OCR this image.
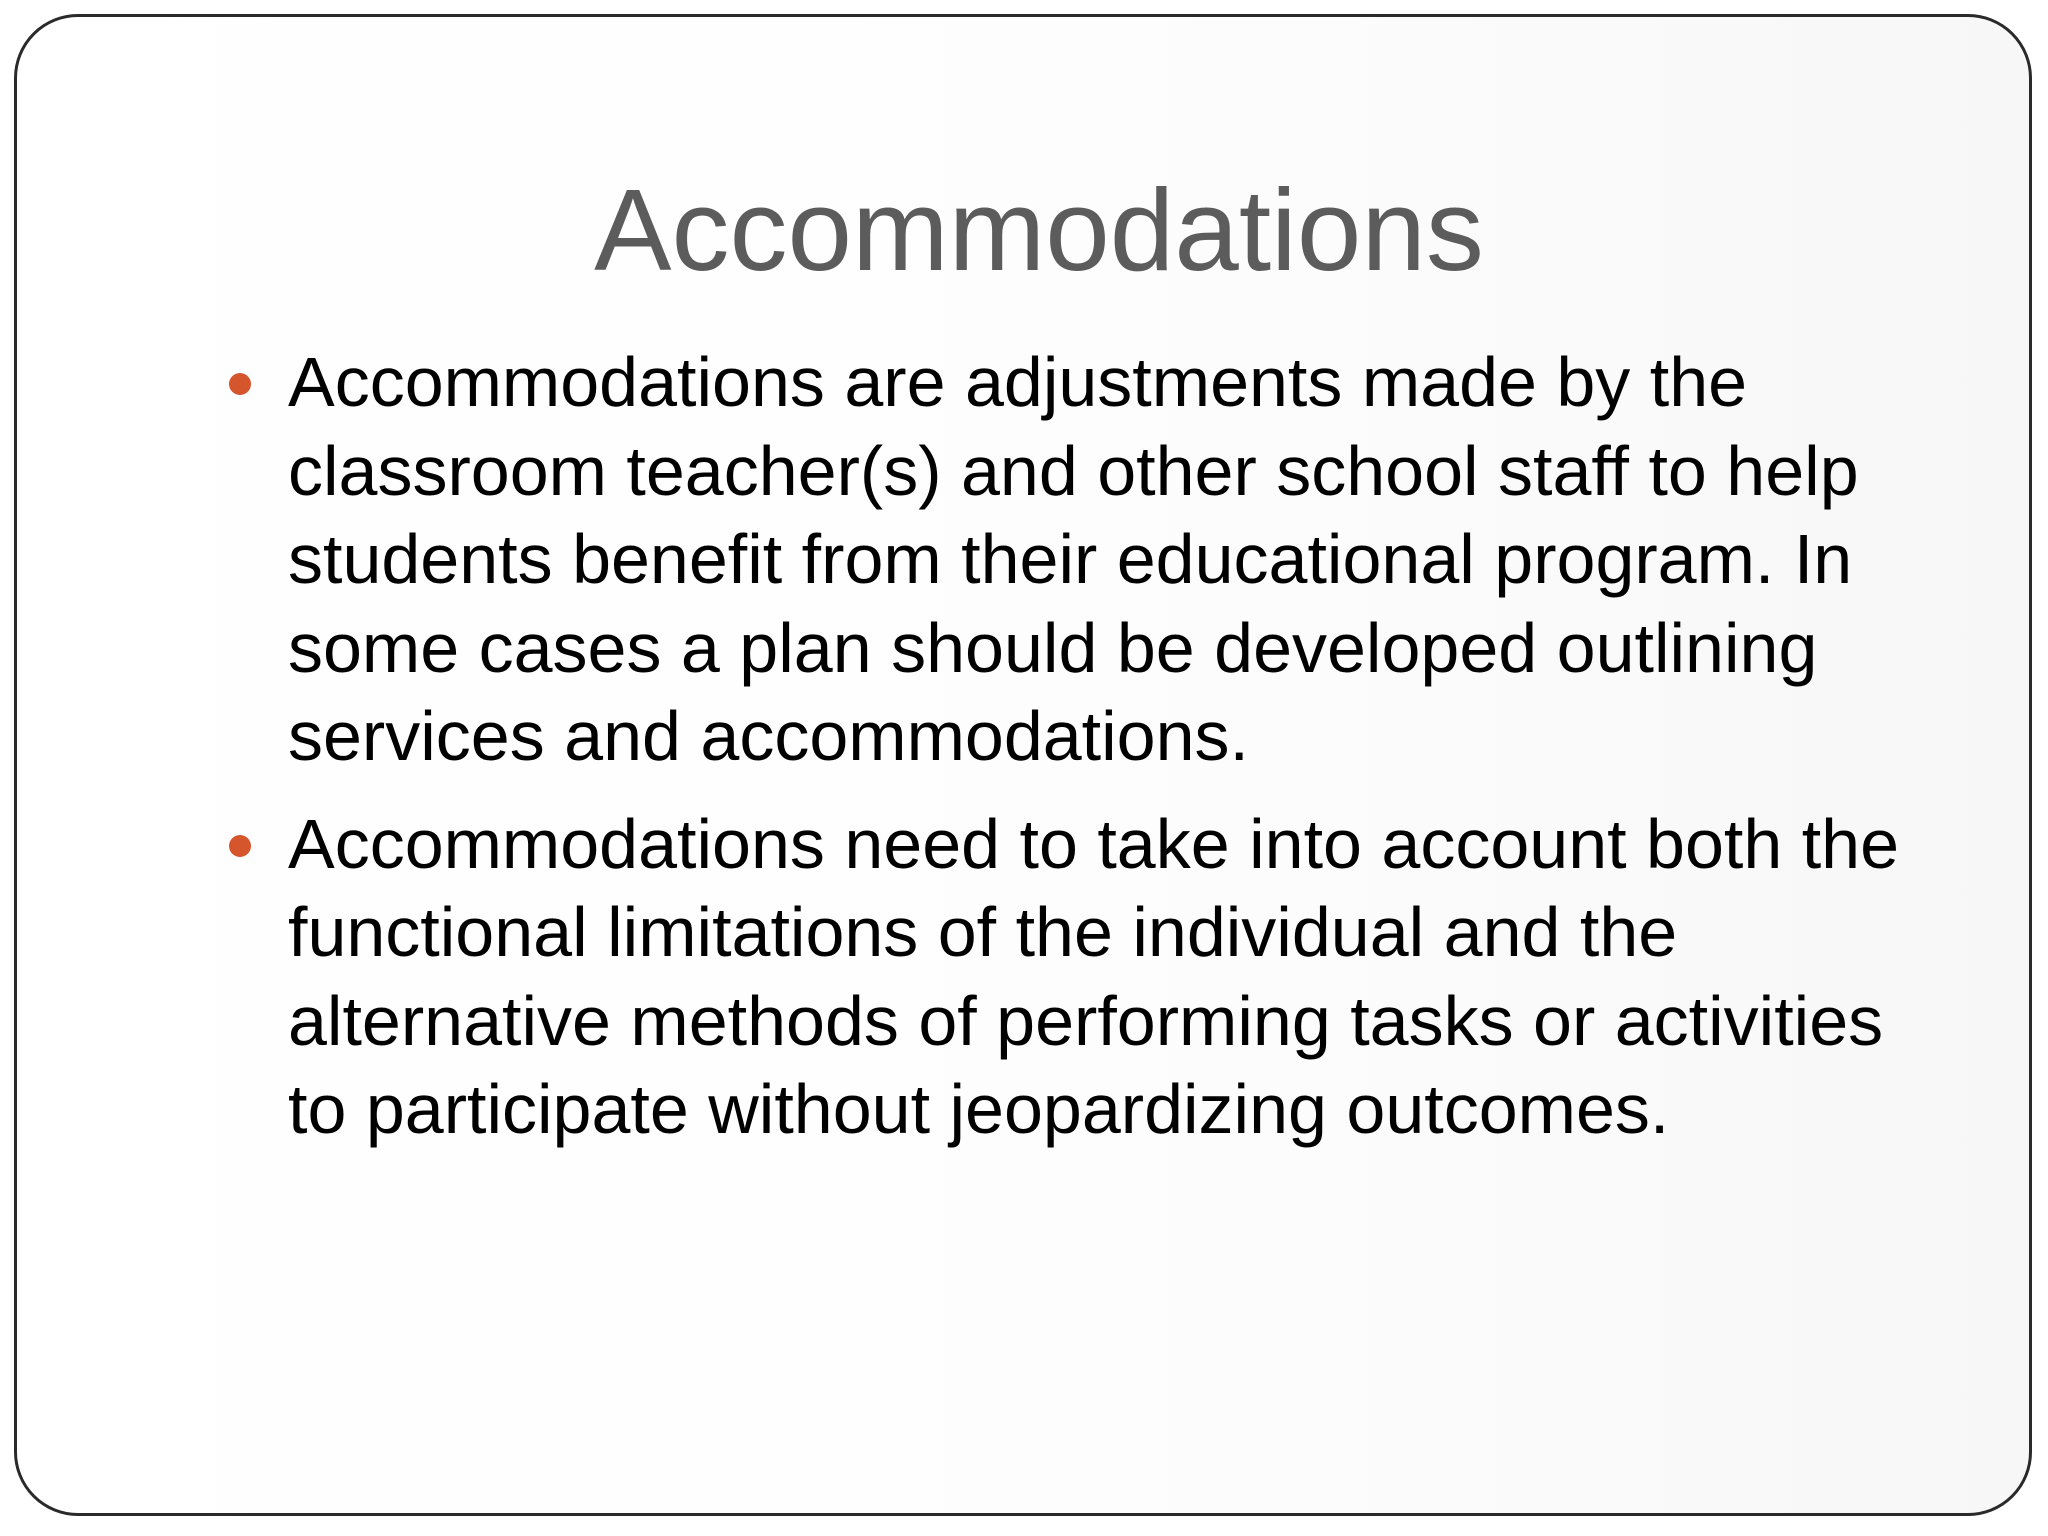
Accommodations
Accommodations are adjustments made by the classroom teacher(s) and other school staff to help students benefit from their educational program. In some cases a plan should be developed outlining services and accommodations.
Accommodations need to take into account both the functional limitations of the individual and the alternative methods of performing tasks or activities to participate without jeopardizing outcomes.
